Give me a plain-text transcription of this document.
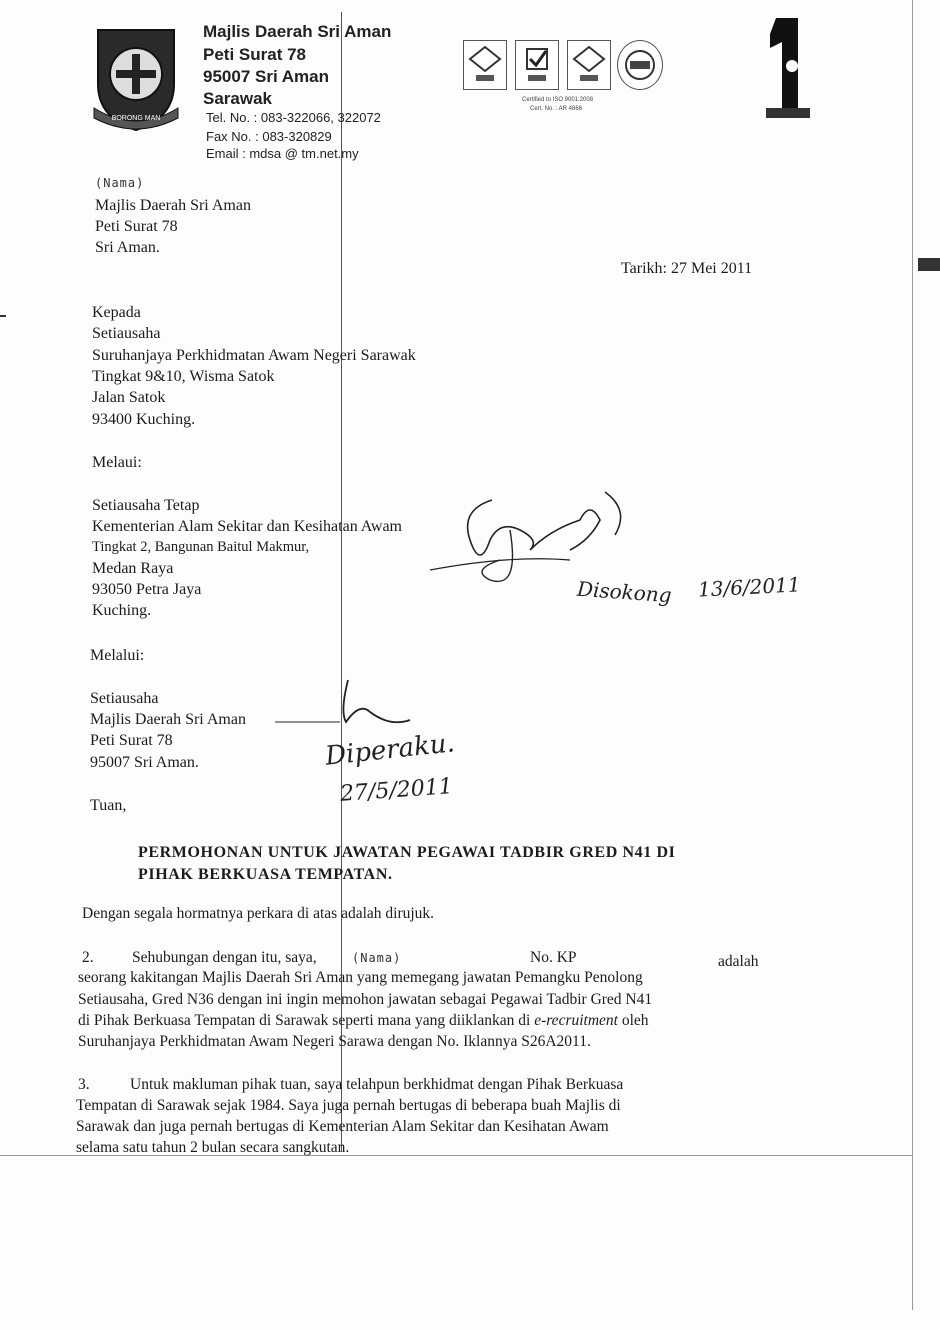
BORONG MAN
Majlis Daerah Sri Aman
Peti Surat 78
95007 Sri Aman
Sarawak
Tel. No. : 083-322066, 322072
Fax No. : 083-320829
Email : mdsa @ tm.net.my
Certified to ISO 9001:2008
Cert. No. : AR 4866
(Nama)
Majlis Daerah Sri Aman
Peti Surat 78
Sri Aman.
Tarikh: 27 Mei 2011
Kepada
Setiausaha
Suruhanjaya Perkhidmatan Awam Negeri Sarawak
Tingkat 9&10, Wisma Satok
Jalan Satok
93400 Kuching.
Melaui:
Setiausaha Tetap
Kementerian Alam Sekitar dan Kesihatan Awam
Tingkat 2, Bangunan Baitul Makmur,
Medan Raya
93050 Petra Jaya
Kuching.
Disokong 13/6/2011
Melalui:
Setiausaha
Majlis Daerah Sri Aman
Peti Surat 78
95007 Sri Aman.	Diperaku.
27/5/2011
Tuan,
PERMOHONAN UNTUK JAWATAN PEGAWAI TADBIR GRED N41 DI
PIHAK BERKUASA TEMPATAN.
Dengan segala hormatnya perkara di atas adalah dirujuk.
2. Sehubungan dengan itu, saya,	(Nama)	No. KP	adalah
seorang kakitangan Majlis Daerah Sri Aman yang memegang jawatan Pemangku Penolong
Setiausaha, Gred N36 dengan ini ingin memohon jawatan sebagai Pegawai Tadbir Gred N41
di Pihak Berkuasa Tempatan di Sarawak seperti mana yang diiklankan di e-recruitment oleh
Suruhanjaya Perkhidmatan Awam Negeri Sarawa dengan No. Iklannya S26A2011.
3.	Untuk makluman pihak tuan, saya telahpun berkhidmat dengan Pihak Berkuasa
Tempatan di Sarawak sejak 1984. Saya juga pernah bertugas di beberapa buah Majlis di
Sarawak dan juga pernah bertugas di Kementerian Alam Sekitar dan Kesihatan Awam
selama satu tahun 2 bulan secara sangkutan.
